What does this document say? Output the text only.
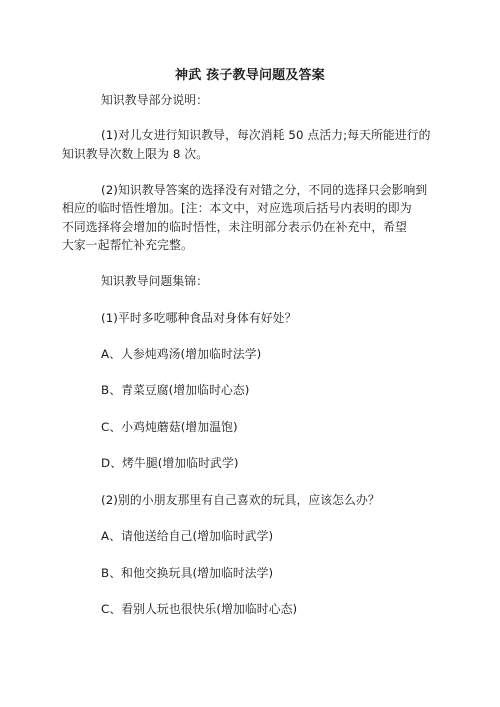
神武 孩子教导问题及答案
知识教导部分说明：
(1)对儿女进行知识教导，每次消耗 50 点活力;每天所能进行的
知识教导次数上限为 8 次。
(2)知识教导答案的选择没有对错之分，不同的选择只会影响到
相应的临时悟性增加。[注：本文中，对应选项后括号内表明的即为
不同选择将会增加的临时悟性，未注明部分表示仍在补充中，希望
大家一起帮忙补充完整。
知识教导问题集锦：
(1)平时多吃哪种食品对身体有好处？
A、人参炖鸡汤(增加临时法学)
B、青菜豆腐(增加临时心态)
C、小鸡炖蘑菇(增加温饱)
D、烤牛腿(增加临时武学)
(2)别的小朋友那里有自己喜欢的玩具，应该怎么办？
A、请他送给自己(增加临时武学)
B、和他交换玩具(增加临时法学)
C、看别人玩也很快乐(增加临时心态)
